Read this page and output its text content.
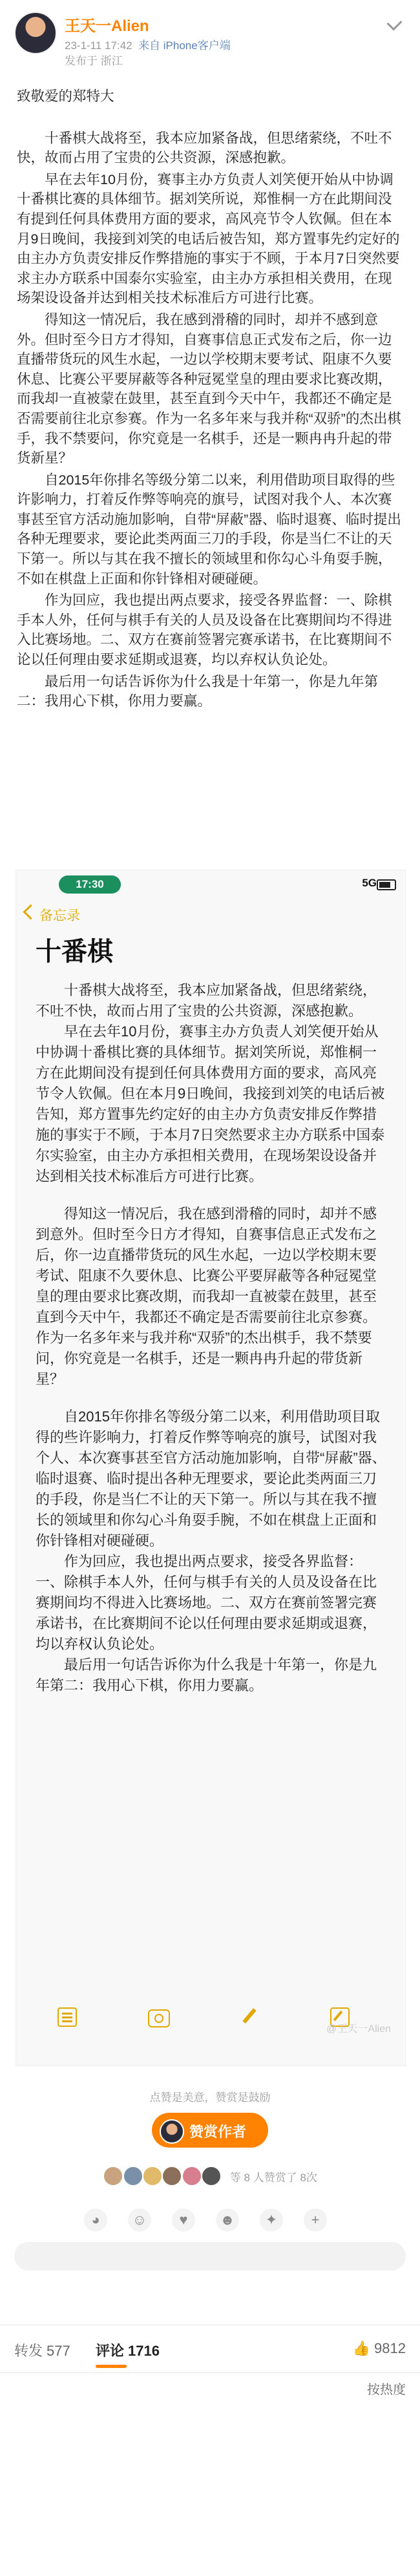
王天一Alien
23-1-11 17:42 来自 iPhone客户端
发布于 浙江

致敬爱的郑特大

十番棋大战将至，我本应加紧备战，但思绪萦绕，不吐不快，故而占用了宝贵的公共资源，深感抱歉。

早在去年10月份，赛事主办方负责人刘笑便开始从中协调十番棋比赛的具体细节。据刘笑所说，郑惟桐一方在此期间没有提到任何具体费用方面的要求，高风亮节令人钦佩。但在本月9日晚间，我接到刘笑的电话后被告知，郑方置事先约定好的由主办方负责安排反作弊措施的事实于不顾，于本月7日突然要求主办方联系中国泰尔实验室，由主办方承担相关费用，在现场架设设备并达到相关技术标准后方可进行比赛。

得知这一情况后，我在感到滑稽的同时，却并不感到意外。但时至今日方才得知，自赛事信息正式发布之后，你一边直播带货玩的风生水起，一边以学校期末要考试、阻康不久要休息、比赛公平要屏蔽等各种冠冕堂皇的理由要求比赛改期，而我却一直被蒙在鼓里，甚至直到今天中午，我都还不确定是否需要前往北京参赛。作为一名多年来与我并称“双骄”的杰出棋手，我不禁要问，你究竟是一名棋手，还是一颗冉冉升起的带货新星？

自2015年你排名等级分第二以来，利用借助项目取得的些许影响力，打着反作弊等响亮的旗号，试图对我个人、本次赛事甚至官方活动施加影响，自带“屏蔽”器、临时退赛、临时提出各种无理要求，要论此类两面三刀的手段，你是当仁不让的天下第一。所以与其在我不擅长的领域里和你勾心斗角耍手腕，不如在棋盘上正面和你针锋相对硬碰硬。

作为回应，我也提出两点要求，接受各界监督：一、除棋手本人外，任何与棋手有关的人员及设备在比赛期间均不得进入比赛场地。二、双方在赛前签署完赛承诺书，在比赛期间不论以任何理由要求延期或退赛，均以弃权认负论处。

最后用一句话告诉你为什么我是十年第一，你是九年第二：我用心下棋，你用力要赢。

17:30	5G
备忘录
十番棋

十番棋大战将至，我本应加紧备战，但思绪萦绕，不吐不快，故而占用了宝贵的公共资源，深感抱歉。

早在去年10月份，赛事主办方负责人刘笑便开始从中协调十番棋比赛的具体细节。据刘笑所说，郑惟桐一方在此期间没有提到任何具体费用方面的要求，高风亮节令人钦佩。但在本月9日晚间，我接到刘笑的电话后被告知，郑方置事先约定好的由主办方负责安排反作弊措施的事实于不顾，于本月7日突然要求主办方联系中国泰尔实验室，由主办方承担相关费用，在现场架设设备并达到相关技术标准后方可进行比赛。

得知这一情况后，我在感到滑稽的同时，却并不感到意外。但时至今日方才得知，自赛事信息正式发布之后，你一边直播带货玩的风生水起，一边以学校期末要考试、阻康不久要休息、比赛公平要屏蔽等各种冠冕堂皇的理由要求比赛改期，而我却一直被蒙在鼓里，甚至直到今天中午，我都还不确定是否需要前往北京参赛。作为一名多年来与我并称“双骄”的杰出棋手，我不禁要问，你究竟是一名棋手，还是一颗冉冉升起的带货新星？

自2015年你排名等级分第二以来，利用借助项目取得的些许影响力，打着反作弊等响亮的旗号，试图对我个人、本次赛事甚至官方活动施加影响，自带“屏蔽”器、临时退赛、临时提出各种无理要求，要论此类两面三刀的手段，你是当仁不让的天下第一。所以与其在我不擅长的领域里和你勾心斗角耍手腕，不如在棋盘上正面和你针锋相对硬碰硬。

作为回应，我也提出两点要求，接受各界监督：一、除棋手本人外，任何与棋手有关的人员及设备在比赛期间均不得进入比赛场地。二、双方在赛前签署完赛承诺书，在比赛期间不论以任何理由要求延期或退赛，均以弃权认负论处。

最后用一句话告诉你为什么我是十年第一，你是九年第二：我用心下棋，你用力要赢。

@王天一Alien
点赞是美意，赞赏是鼓励
赞赏作者
等 8 人赞赏了 8次
◕	☺	♥	☻	✦	+
转发 577 评论 1716	👍 9812
按热度
